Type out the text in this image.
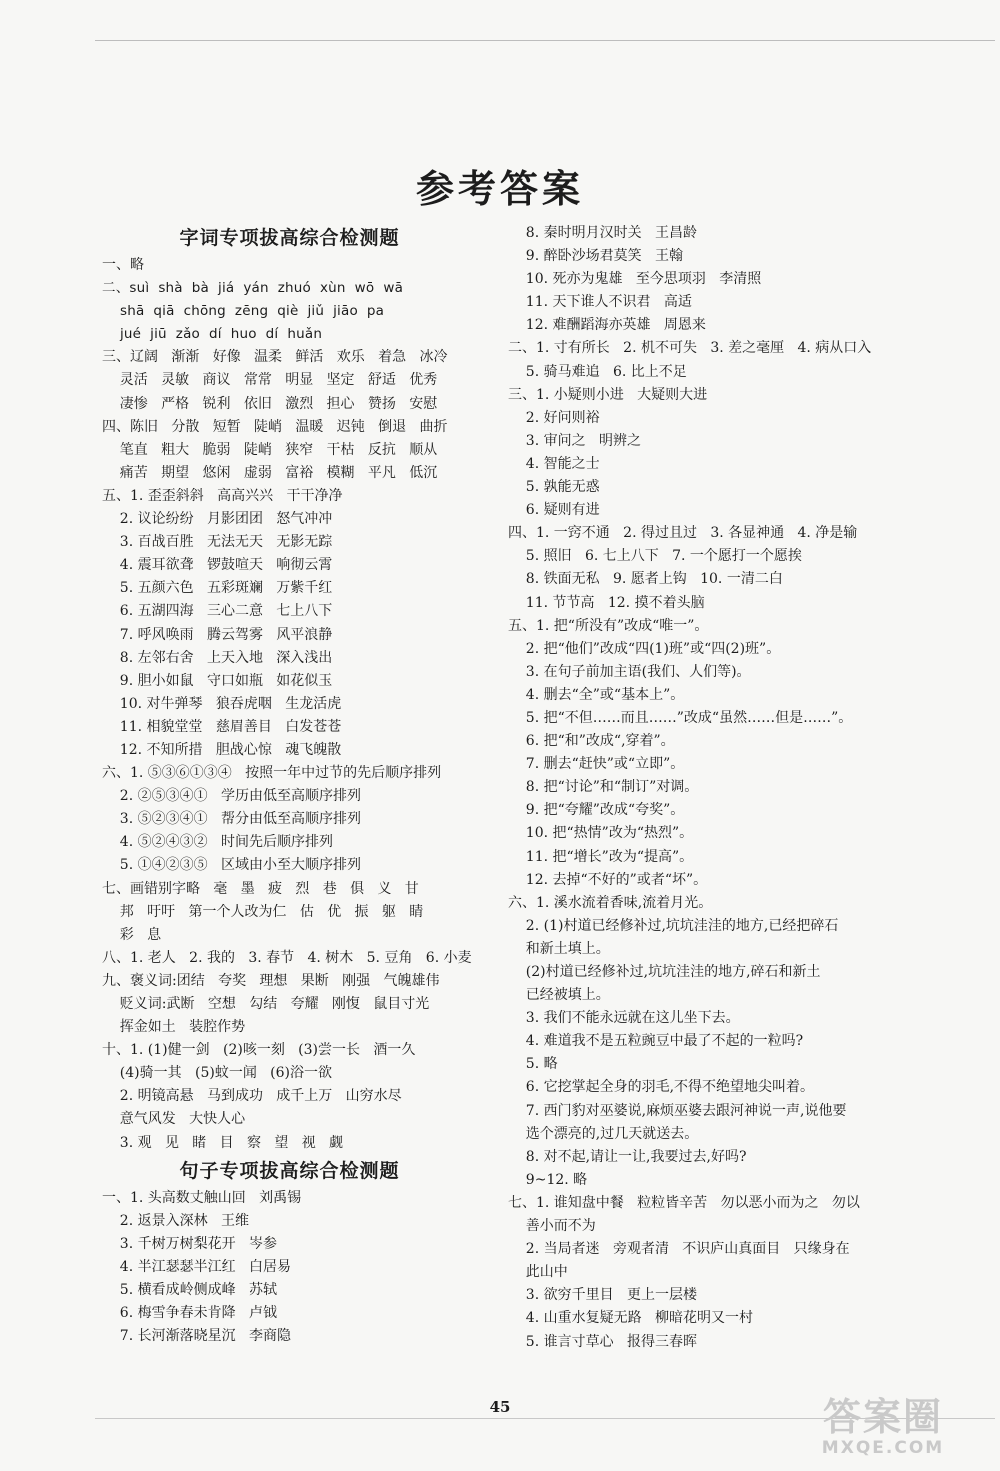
参考答案
字词专项拔高综合检测题
一、略
二、suì  shà  bà  jiá  yán  zhuó  xùn  wō  wā
shā  qiā  chōng  zēng  qiè  jiǔ  jiāo  pa
jué  jiū  zǎo  dí  huo  dí  huǎn
三、辽阔   渐渐   好像   温柔   鲜活   欢乐   着急   冰冷
灵活   灵敏   商议   常常   明显   坚定   舒适   优秀
凄惨   严格   锐利   依旧   激烈   担心   赞扬   安慰
四、陈旧   分散   短暂   陡峭   温暖   迟钝   倒退   曲折
笔直   粗大   脆弱   陡峭   狭窄   干枯   反抗   顺从
痛苦   期望   悠闲   虚弱   富裕   模糊   平凡   低沉
五、1. 歪歪斜斜   高高兴兴   干干净净
2. 议论纷纷   月影团团   怒气冲冲
3. 百战百胜   无法无天   无影无踪
4. 震耳欲聋   锣鼓喧天   响彻云霄
5. 五颜六色   五彩斑斓   万紫千红
6. 五湖四海   三心二意   七上八下
7. 呼风唤雨   腾云驾雾   风平浪静
8. 左邻右舍   上天入地   深入浅出
9. 胆小如鼠   守口如瓶   如花似玉
10. 对牛弹琴   狼吞虎咽   生龙活虎
11. 相貌堂堂   慈眉善目   白发苍苍
12. 不知所措   胆战心惊   魂飞魄散
六、1. ⑤③⑥①③④   按照一年中过节的先后顺序排列
2. ②⑤③④①   学历由低至高顺序排列
3. ⑤②③④①   帮分由低至高顺序排列
4. ⑤②④③②   时间先后顺序排列
5. ①④②③⑤   区域由小至大顺序排列
七、画错别字略   毫   墨   疲   烈   巷   俱   义   甘
邦   吁吁   第一个人改为仁   估   优   振   躯   睛
彩   息
八、1. 老人   2. 我的   3. 春节   4. 树木   5. 豆角   6. 小麦
九、褒义词:团结   夸奖   理想   果断   刚强   气魄雄伟
贬义词:武断   空想   勾结   夸耀   刚愎   鼠目寸光
挥金如土   装腔作势
十、1. (1)健一剑   (2)咳一刻   (3)尝一长   酒一久
(4)骑一其   (5)蚊一闻   (6)浴一欲
2. 明镜高悬   马到成功   成千上万   山穷水尽
意气风发   大快人心
3. 观   见   睹   目   察   望   视   觑
句子专项拔高综合检测题
一、1. 头高数丈触山回   刘禹锡
2. 返景入深林   王维
3. 千树万树梨花开   岑参
4. 半江瑟瑟半江红   白居易
5. 横看成岭侧成峰   苏轼
6. 梅雪争春未肯降   卢钺
7. 长河渐落晓星沉   李商隐
8. 秦时明月汉时关   王昌龄
9. 醉卧沙场君莫笑   王翰
10. 死亦为鬼雄   至今思项羽   李清照
11. 天下谁人不识君   高适
12. 难酬蹈海亦英雄   周恩来
二、1. 寸有所长   2. 机不可失   3. 差之毫厘   4. 病从口入
5. 骑马难追   6. 比上不足
三、1. 小疑则小进   大疑则大进
2. 好问则裕
3. 审问之   明辨之
4. 智能之士
5. 孰能无惑
6. 疑则有进
四、1. 一窍不通   2. 得过且过   3. 各显神通   4. 净是输
5. 照旧   6. 七上八下   7. 一个愿打一个愿挨
8. 铁面无私   9. 愿者上钩   10. 一清二白
11. 节节高   12. 摸不着头脑
五、1. 把“所没有”改成“唯一”。
2. 把“他们”改成“四(1)班”或“四(2)班”。
3. 在句子前加主语(我们、人们等)。
4. 删去“全”或“基本上”。
5. 把“不但……而且……”改成“虽然……但是……”。
6. 把“和”改成“,穿着”。
7. 删去“赶快”或“立即”。
8. 把“讨论”和“制订”对调。
9. 把“夸耀”改成“夸奖”。
10. 把“热情”改为“热烈”。
11. 把“增长”改为“提高”。
12. 去掉“不好的”或者“坏”。
六、1. 溪水流着香味,流着月光。
2. (1)村道已经修补过,坑坑洼洼的地方,已经把碎石
和新土填上。
(2)村道已经修补过,坑坑洼洼的地方,碎石和新土
已经被填上。
3. 我们不能永远就在这儿坐下去。
4. 难道我不是五粒豌豆中最了不起的一粒吗?
5. 略
6. 它挖掌起全身的羽毛,不得不绝望地尖叫着。
7. 西门豹对巫婆说,麻烦巫婆去跟河神说一声,说他要
选个漂亮的,过几天就送去。
8. 对不起,请让一让,我要过去,好吗?
9~12. 略
七、1. 谁知盘中餐   粒粒皆辛苦   勿以恶小而为之   勿以
善小而不为
2. 当局者迷   旁观者清   不识庐山真面目   只缘身在
此山中
3. 欲穷千里目   更上一层楼
4. 山重水复疑无路   柳暗花明又一村
5. 谁言寸草心   报得三春晖
45	答案圈
MXQE.COM
